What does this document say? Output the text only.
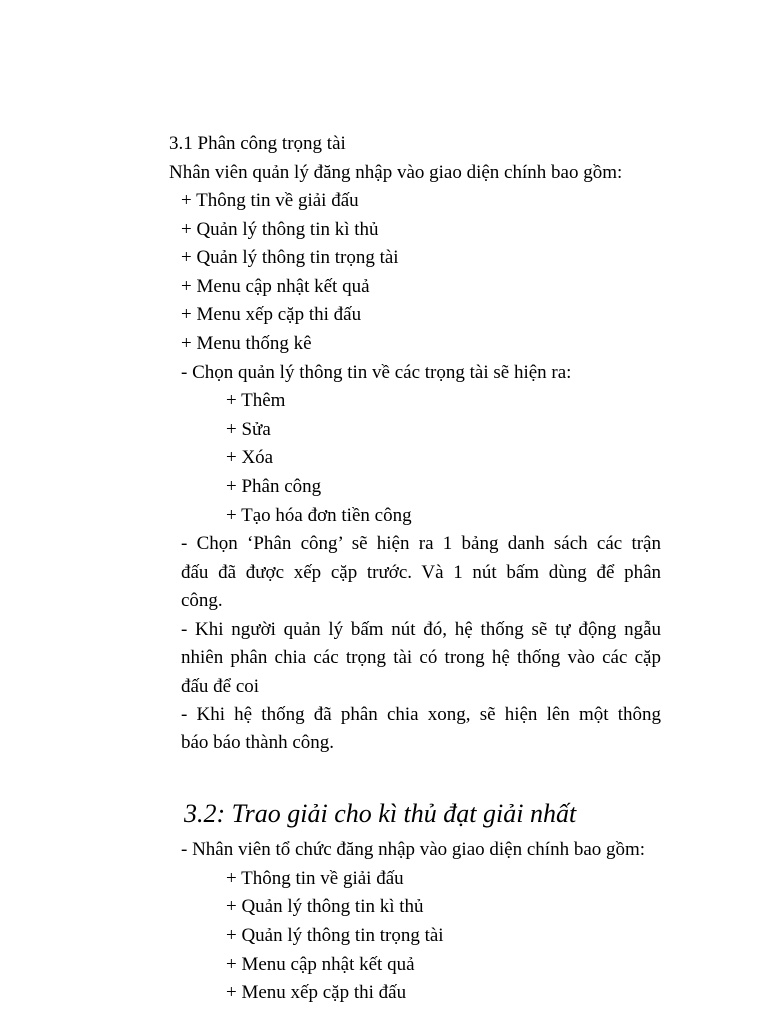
3.1 Phân công trọng tài

Nhân viên quản lý đăng nhập vào giao diện chính bao gồm:

+ Thông tin về giải đấu

+ Quản lý thông tin kì thủ

+ Quản lý thông tin trọng tài

+ Menu cập nhật kết quả

+ Menu xếp cặp thi đấu

+ Menu thống kê

- Chọn quản lý thông tin về các trọng tài sẽ hiện ra:

+ Thêm

+ Sửa

+ Xóa

+ Phân công

+ Tạo hóa đơn tiền công

- Chọn ‘Phân công’ sẽ hiện ra 1 bảng danh sách các trận

đấu đã được xếp cặp trước. Và 1 nút bấm dùng để phân

công.

- Khi người quản lý bấm nút đó, hệ thống sẽ tự động ngẫu

nhiên phân chia các trọng tài có trong hệ thống vào các cặp

đấu để coi

- Khi hệ thống đã phân chia xong, sẽ hiện lên một thông

báo báo thành công.

3.2: Trao giải cho kì thủ đạt giải nhất

- Nhân viên tổ chức đăng nhập vào giao diện chính bao gồm:

+ Thông tin về giải đấu

+ Quản lý thông tin kì thủ

+ Quản lý thông tin trọng tài

+ Menu cập nhật kết quả

+ Menu xếp cặp thi đấu
